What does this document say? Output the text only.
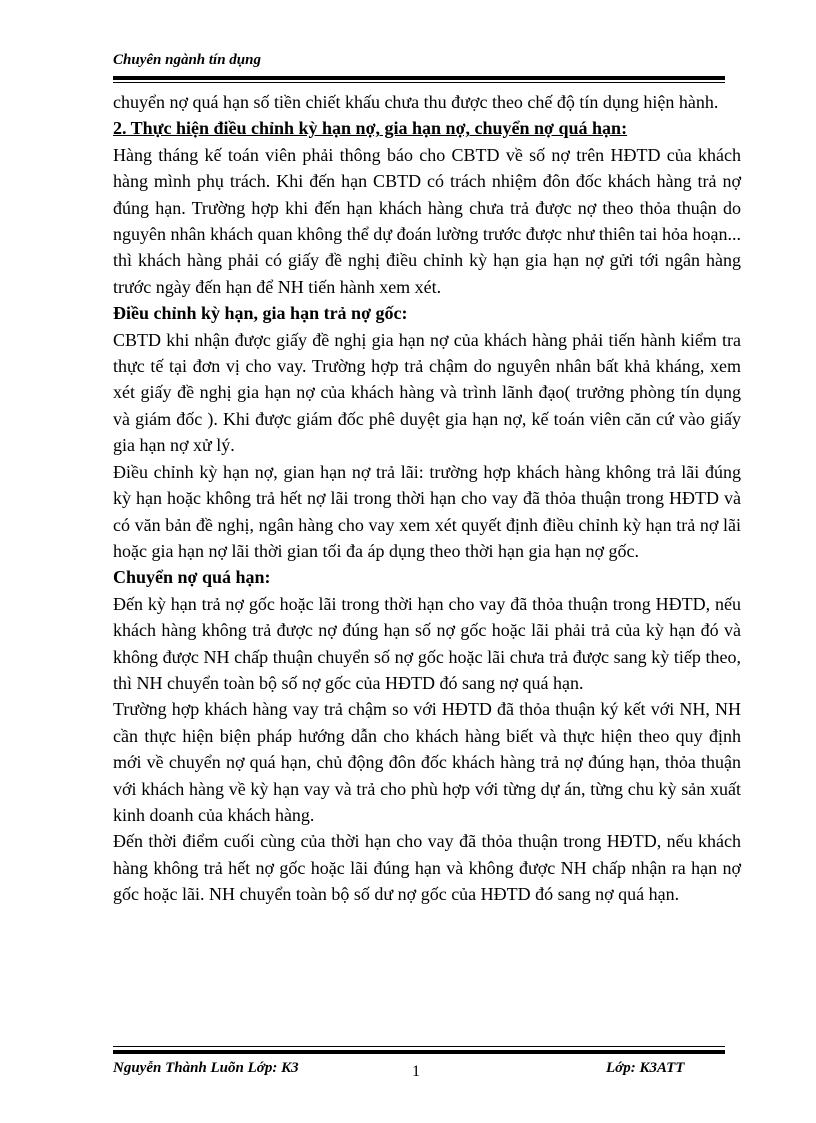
Chuyên ngành tín dụng

chuyển nợ quá hạn số tiền chiết khấu chưa thu được theo chế độ tín dụng hiện hành.

2. Thực hiện điều chỉnh kỳ hạn nợ, gia hạn nợ, chuyển nợ quá hạn:

Hàng tháng kế toán viên phải thông báo cho CBTD về số nợ trên HĐTD của khách hàng mình phụ trách. Khi đến hạn CBTD có trách nhiệm đôn đốc khách hàng trả nợ đúng hạn. Trường hợp khi đến hạn khách hàng chưa trả được nợ theo thỏa thuận do nguyên nhân khách quan không thể dự đoán lường trước được như thiên tai hỏa hoạn... thì khách hàng phải có giấy đề nghị điều chỉnh kỳ hạn gia hạn nợ gửi tới ngân hàng trước ngày đến hạn để NH tiến hành xem xét.

Điều chỉnh kỳ hạn, gia hạn trả nợ gốc:

CBTD khi nhận được giấy đề nghị gia hạn nợ của khách hàng phải tiến hành kiểm tra thực tế tại đơn vị cho vay. Trường hợp trả chậm do nguyên nhân bất khả kháng, xem xét giấy đề nghị gia hạn nợ của khách hàng và trình lãnh đạo( trưởng phòng tín dụng và giám đốc ). Khi được giám đốc phê duyệt gia hạn nợ, kế toán viên căn cứ vào giấy gia hạn nợ xử lý.

Điều chỉnh kỳ hạn nợ, gian hạn nợ trả lãi: trường hợp khách hàng không trả lãi đúng kỳ hạn hoặc không trả hết nợ lãi trong thời hạn cho vay đã thỏa thuận trong HĐTD và có văn bản đề nghị, ngân hàng cho vay xem xét quyết định điều chỉnh kỳ hạn trả nợ lãi hoặc gia hạn nợ lãi thời gian tối đa áp dụng theo thời hạn gia hạn nợ gốc.

Chuyển nợ quá hạn:

Đến kỳ hạn trả nợ gốc hoặc lãi trong thời hạn cho vay đã thỏa thuận trong HĐTD, nếu khách hàng không trả được nợ đúng hạn số nợ gốc hoặc lãi phải trả của kỳ hạn đó và không được NH chấp thuận chuyển số nợ gốc hoặc lãi chưa trả được sang kỳ tiếp theo, thì NH chuyển toàn bộ số nợ gốc của HĐTD đó sang nợ quá hạn.

Trường hợp khách hàng vay trả chậm so với HĐTD đã thỏa thuận ký kết với NH, NH cần thực hiện biện pháp hướng dẫn cho khách hàng biết và thực hiện theo quy định mới về chuyển nợ quá hạn, chủ động đôn đốc khách hàng trả nợ đúng hạn, thỏa thuận với khách hàng về kỳ hạn vay và trả cho phù hợp với từng dự án, từng chu kỳ sản xuất kinh doanh của khách hàng.

Đến thời điểm cuối cùng của thời hạn cho vay đã thỏa thuận trong HĐTD, nếu khách hàng không trả hết nợ gốc hoặc lãi đúng hạn và không được NH chấp nhận ra hạn nợ gốc hoặc lãi. NH chuyển toàn bộ số dư nợ gốc của HĐTD đó sang nợ quá hạn.

Nguyễn Thành Luõn Lớp: K3	1	Lớp: K3ATT
